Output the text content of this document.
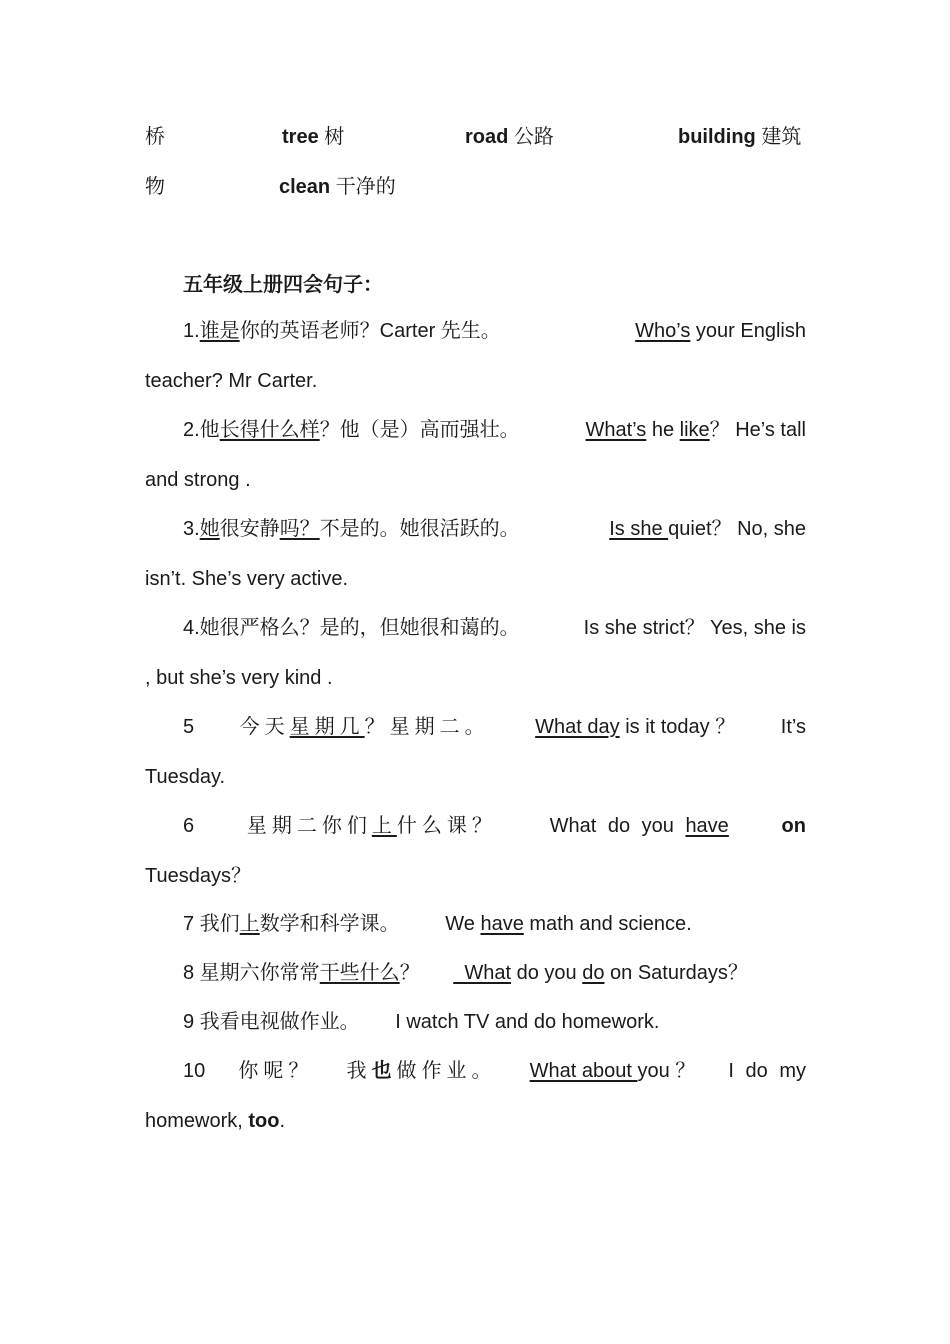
桥	tree 树	road 公路	building 建筑
物	clean 干净的
五年级上册四会句子：
1.谁是你的英语老师？Carter 先生。	Who’s your English
teacher? Mr Carter.
2.他长得什么样？他（是）高而强壮。	What’s he like？ He’s tall
and strong .
3.她很安静吗？不是的。她很活跃的。	Is she quiet？ No, she
isn’t. She’s very active.
4.她很严格么？是的，但她很和蔼的。	Is she strict？ Yes, she is
, but she’s very kind .
5 今天星期几？星期二。 What day is it today ？ It’s
Tuesday.
6	星期二你们上什么课？	What do you have	on
Tuesdays？
7 我们上数学和科学课。 We have math and science.
8 星期六你常常干些什么？   What do you do on Saturdays？
9 我看电视做作业。 I watch TV and do homework.
10 你呢？ 我也做作业。 What about you ？ I do my
homework, too.
